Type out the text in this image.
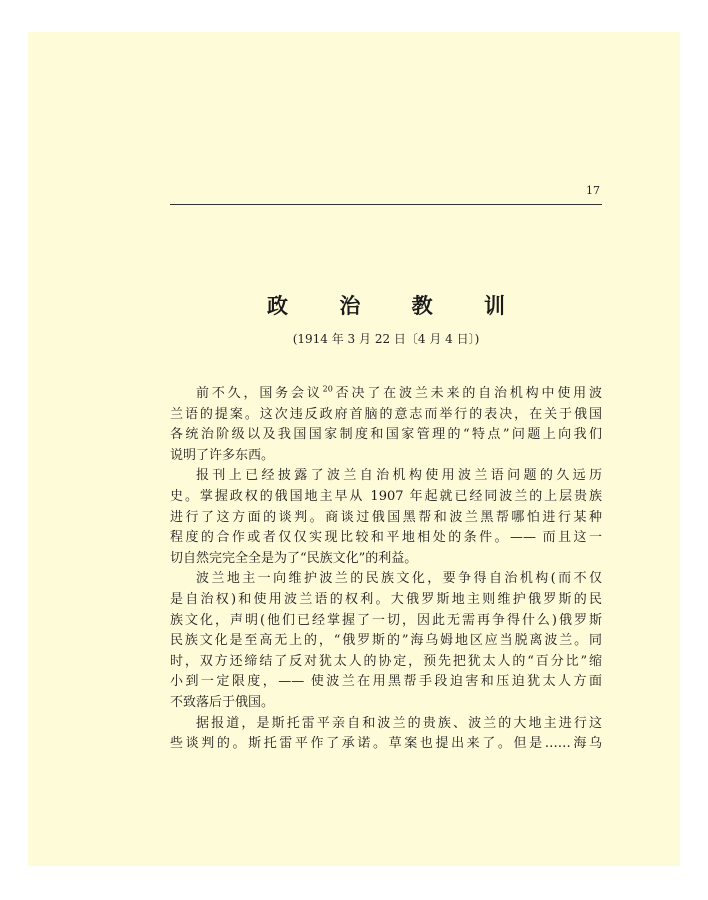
17
政 治 教 训
(1914 年 3 月 22 日〔4 月 4 日〕)
前不久，国务会议$^{20}$否决了在波兰未来的自治机构中使用波
兰语的提案。这次违反政府首脑的意志而举行的表决，在关于俄国
各统治阶级以及我国国家制度和国家管理的“特点”问题上向我们
说明了许多东西。
报刊上已经披露了波兰自治机构使用波兰语问题的久远历
史。掌握政权的俄国地主早从 1907 年起就已经同波兰的上层贵族
进行了这方面的谈判。商谈过俄国黑帮和波兰黑帮哪怕进行某种
程度的合作或者仅仅实现比较和平地相处的条件。—— 而且这一
切自然完完全全是为了“民族文化”的利益。
波兰地主一向维护波兰的民族文化，要争得自治机构(而不仅
是自治权)和使用波兰语的权利。大俄罗斯地主则维护俄罗斯的民
族文化，声明(他们已经掌握了一切，因此无需再争得什么)俄罗斯
民族文化是至高无上的，“俄罗斯的”海乌姆地区应当脱离波兰。同
时，双方还缔结了反对犹太人的协定，预先把犹太人的“百分比”缩
小到一定限度，—— 使波兰在用黑帮手段迫害和压迫犹太人方面
不致落后于俄国。
据报道，是斯托雷平亲自和波兰的贵族、波兰的大地主进行这
些谈判的。斯托雷平作了承诺。草案也提出来了。但是……海乌
